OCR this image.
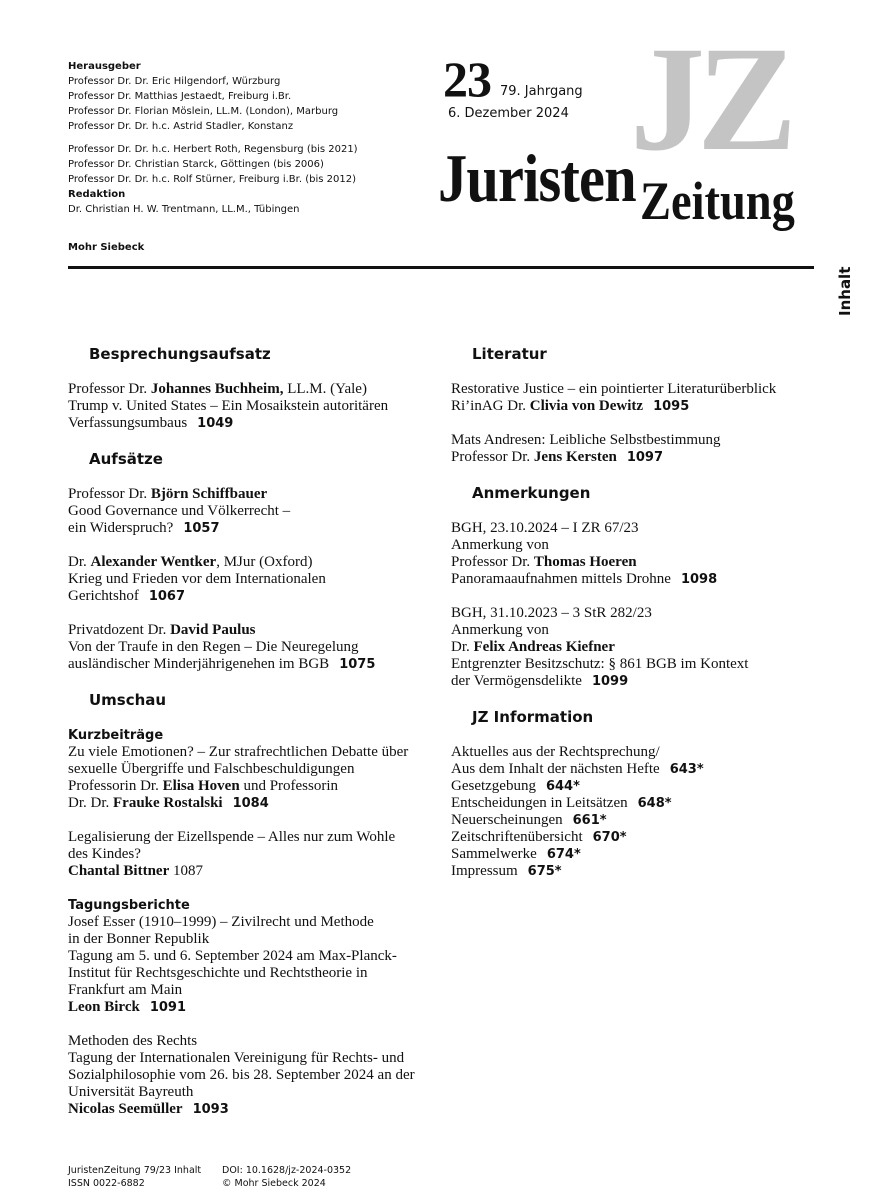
Herausgeber
Professor Dr. Dr. Eric Hilgendorf, Würzburg
Professor Dr. Matthias Jestaedt, Freiburg i.Br.
Professor Dr. Florian Möslein, LL.M. (London), Marburg
Professor Dr. Dr. h.c. Astrid Stadler, Konstanz
Professor Dr. Dr. h.c. Herbert Roth, Regensburg (bis 2021)
Professor Dr. Christian Starck, Göttingen (bis 2006)
Professor Dr. Dr. h.c. Rolf Stürner, Freiburg i.Br. (bis 2012)
Redaktion
Dr. Christian H. W. Trentmann, LL.M., Tübingen
Mohr Siebeck
23 79. Jahrgang
6. Dezember 2024 JZ
Juristen Zeitung
Inhalt
Besprechungsaufsatz
Professor Dr. Johannes Buchheim, LL.M. (Yale)
Trump v. United States – Ein Mosaikstein autoritären
Verfassungsumbaus 1049
Aufsätze
Professor Dr. Björn Schiffbauer
Good Governance und Völkerrecht –
ein Widerspruch? 1057
Dr. Alexander Wentker, MJur (Oxford)
Krieg und Frieden vor dem Internationalen
Gerichtshof 1067
Privatdozent Dr. David Paulus
Von der Traufe in den Regen – Die Neuregelung
ausländischer Minderjährigenehen im BGB 1075
Umschau
Kurzbeiträge
Zu viele Emotionen? – Zur strafrechtlichen Debatte über
sexuelle Übergriffe und Falschbeschuldigungen
Professorin Dr. Elisa Hoven und Professorin
Dr. Dr. Frauke Rostalski 1084
Legalisierung der Eizellspende – Alles nur zum Wohle
des Kindes?
Chantal Bittner 1087
Tagungsberichte
Josef Esser (1910–1999) – Zivilrecht und Methode
in der Bonner Republik
Tagung am 5. und 6. September 2024 am Max-Planck-
Institut für Rechtsgeschichte und Rechtstheorie in
Frankfurt am Main
Leon Birck 1091
Methoden des Rechts
Tagung der Internationalen Vereinigung für Rechts- und
Sozialphilosophie vom 26. bis 28. September 2024 an der
Universität Bayreuth
Nicolas Seemüller 1093
Literatur
Restorative Justice – ein pointierter Literaturüberblick
Ri’inAG Dr. Clivia von Dewitz 1095
Mats Andresen: Leibliche Selbstbestimmung
Professor Dr. Jens Kersten 1097
Anmerkungen
BGH, 23.10.2024 – I ZR 67/23
Anmerkung von
Professor Dr. Thomas Hoeren
Panoramaaufnahmen mittels Drohne 1098
BGH, 31.10.2023 – 3 StR 282/23
Anmerkung von
Dr. Felix Andreas Kiefner
Entgrenzter Besitzschutz: § 861 BGB im Kontext
der Vermögensdelikte 1099
JZ Information
Aktuelles aus der Rechtsprechung/
Aus dem Inhalt der nächsten Hefte 643*
Gesetzgebung 644*
Entscheidungen in Leitsätzen 648*
Neuerscheinungen 661*
Zeitschriftenübersicht 670*
Sammelwerke 674*
Impressum 675*
JuristenZeitung 79/23 Inhalt
ISSN 0022-6882
DOI: 10.1628/jz-2024-0352
© Mohr Siebeck 2024
